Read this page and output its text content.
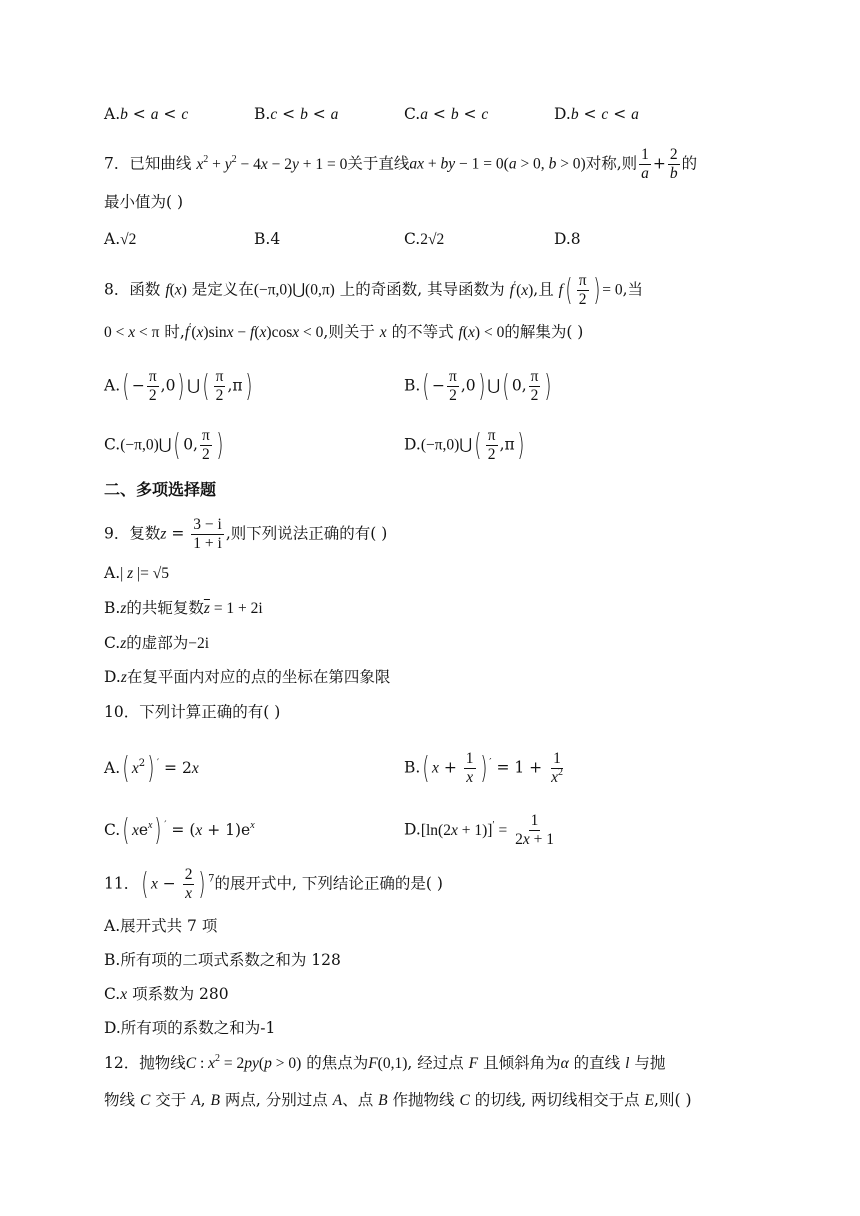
A.b < a < c	B.c < b < a	C.a < b < c	D.b < c < a
7．已知曲线 $x^2 + y^2 - 4x - 2y + 1 = 0$关于直线ax + by − 1 = 0(a > 0, b > 0)对称,则 $\frac{1}{a} + \frac{2}{b}$ 的
最小值为( )
A.√2	B.4	C.2√2	D.8
8．函数 f(x) 是定义在(−π,0)⋃(0,π) 上的奇函数, 其导函数为 f′(x),且 $f( \frac{\pi}{2}$ ) = 0,当
0 < x < π 时,f′(x)sinx − f(x)cosx < 0,则关于 x 的不等式 f(x) < 0的解集为( )
$A.( - \frac{\pi}{2} ,0)$ ⋃( $\frac{\pi}{2} ,\pi$)	$B.( - \frac{\pi}{2} ,0)$ ⋃( 0, $\frac{\pi}{2}$ )
C.(−π,0)⋃( 0, $\frac{\pi}{2}$ )	D.(−π,0)⋃( $\frac{\pi}{2} ,\pi$)
二、多项选择题
9．复数$z = \frac{3 - i}{1 + i}$ ,则下列说法正确的有( )
A.| z |= √5
B.z的共轭复数$\overline{z} = 1 + 2i$
C.z的虚部为−2i
D.z在复平面内对应的点的坐标在第四象限
10．下列计算正确的有( )
A.( $x^2$) ′ = 2x	B.( $x + \frac{1}{x}$ ) $' = 1 + \frac{1}{x^2}$
C.( $xe^x$) $' = (x + 1)e^x$	$D.[\ln(2x + 1)]' = \frac{1}{2x + 1}$
11．( $x - \frac{2}{x}$ ) $^7$的展开式中, 下列结论正确的是( )
A.展开式共 7 项
B.所有项的二项式系数之和为 128
C.x 项系数为 280
D.所有项的系数之和为-1
12．抛物线C : $x^2 = 2py(p > 0)$ 的焦点为F(0,1), 经过点 F 且倾斜角为α 的直线 l 与抛
物线 C 交于 A, B 两点, 分别过点 A、点 B 作抛物线 C 的切线, 两切线相交于点 E,则( )
